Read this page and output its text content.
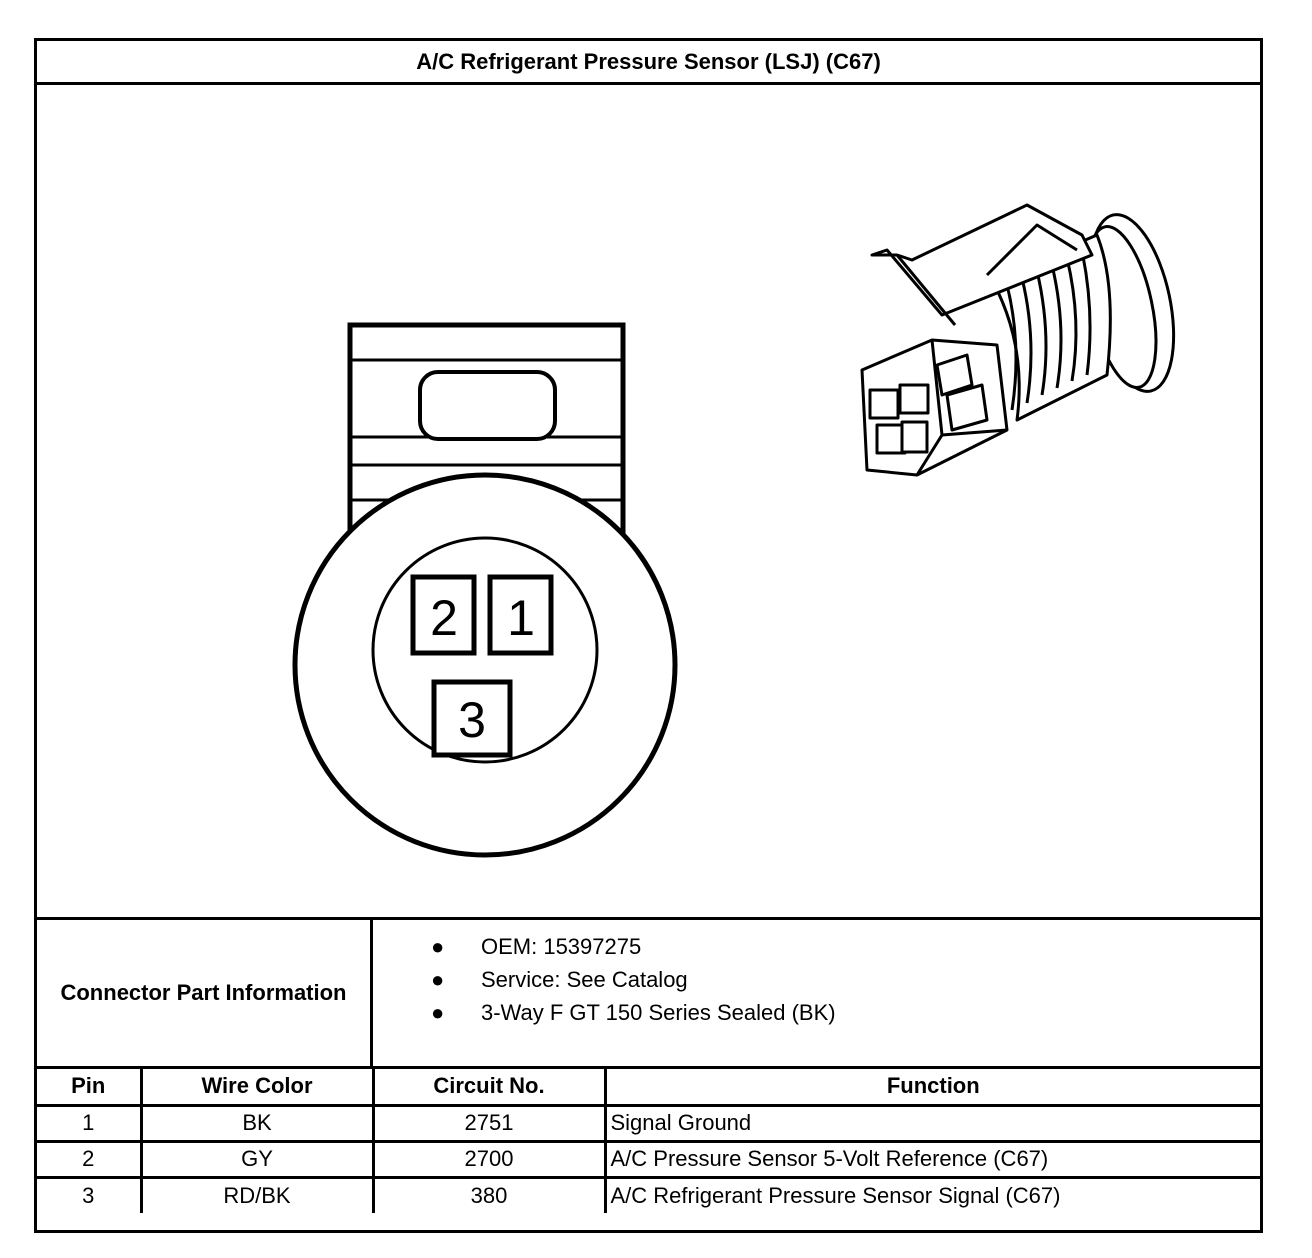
A/C Refrigerant Pressure Sensor (LSJ) (C67)
2 1
3
Connector Part Information
● OEM: 15397275
● Service: See Catalog
● 3-Way F GT 150 Series Sealed (BK)
Pin	Wire Color	Circuit No.	Function
1	BK	2751	Signal Ground
2	GY	2700	A/C Pressure Sensor 5-Volt Reference (C67)
3	RD/BK	380	A/C Refrigerant Pressure Sensor Signal (C67)
